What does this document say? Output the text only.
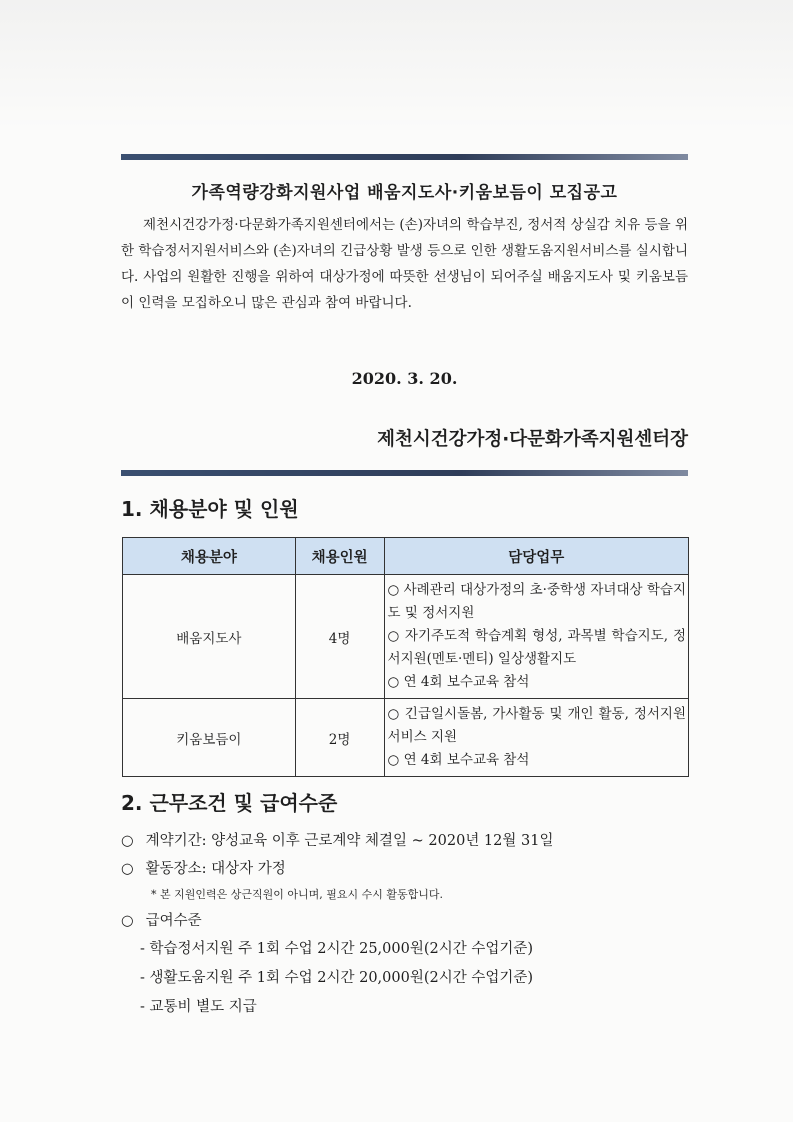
가족역량강화지원사업 배움지도사·키움보듬이 모집공고

제천시건강가정·다문화가족지원센터에서는 (손)자녀의 학습부진, 정서적 상실감 치유 등을 위한 학습정서지원서비스와 (손)자녀의 긴급상황 발생 등으로 인한 생활도움지원서비스를 실시합니다. 사업의 원활한 진행을 위하여 대상가정에 따뜻한 선생님이 되어주실 배움지도사 및 키움보듬이 인력을 모집하오니 많은 관심과 참여 바랍니다.

2020. 3. 20.
제천시건강가정·다문화가족지원센터장
1. 채용분야 및 인원
채용분야	채용인원	담당업무
배움지도사	4명	○ 사례관리 대상가정의 초·중학생 자녀대상 학습지도 및 정서지원
○ 자기주도적 학습계획 형성, 과목별 학습지도, 정서지원(멘토·멘티) 일상생활지도
○ 연 4회 보수교육 참석

키움보듬이	2명	○ 긴급일시돌봄, 가사활동 및 개인 활동, 정서지원서비스 지원
○ 연 4회 보수교육 참석
2. 근무조건 및 급여수준
○ 계약기간: 양성교육 이후 근로계약 체결일 ~ 2020년 12월 31일
○ 활동장소: 대상자 가정
* 본 지원인력은 상근직원이 아니며, 필요시 수시 활동합니다.
○ 급여수준
- 학습정서지원 주 1회 수업 2시간 25,000원(2시간 수업기준)
- 생활도움지원 주 1회 수업 2시간 20,000원(2시간 수업기준)
- 교통비 별도 지급
